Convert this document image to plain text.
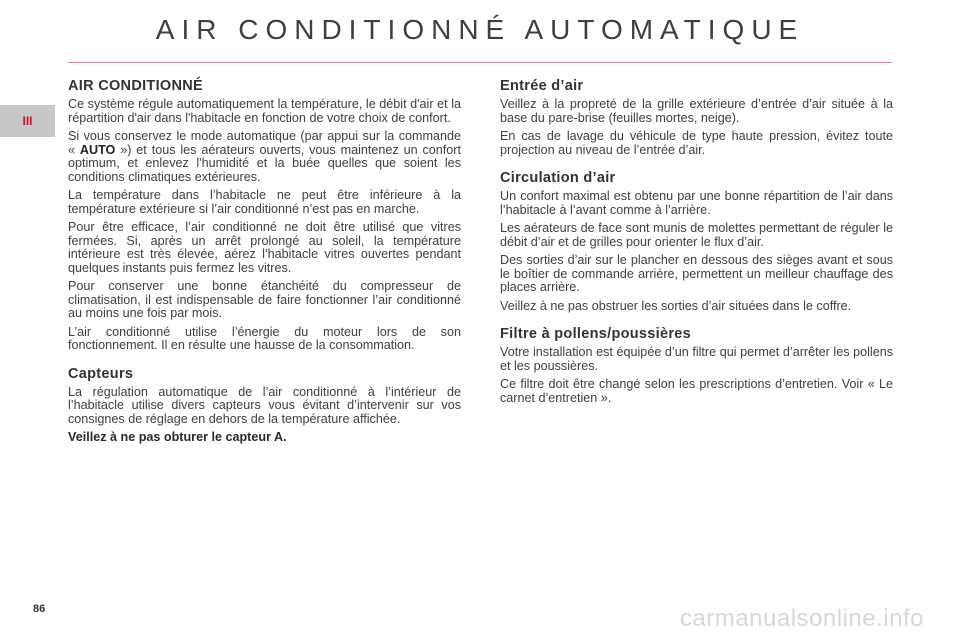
AIR CONDITIONNÉ AUTOMATIQUE
III
AIR CONDITIONNÉ

Ce système régule automatiquement la température, le débit d'air et la répartition d'air dans l'habitacle en fonction de votre choix de confort.

Si vous conservez le mode automatique (par appui sur la commande « AUTO ») et tous les aérateurs ouverts, vous maintenez un confort optimum, et enlevez l'humidité et la buée quelles que soient les conditions climatiques extérieures.

La température dans l’habitacle ne peut être inférieure à la température extérieure si l’air conditionné n’est pas en marche.

Pour être efficace, l’air conditionné ne doit être utilisé que vitres fermées. Si, après un arrêt prolongé au soleil, la température intérieure est très élevée, aérez l’habitacle vitres ouvertes pendant quelques instants puis fermez les vitres.

Pour conserver une bonne étanchéité du compresseur de climatisation, il est indispensable de faire fonctionner l’air conditionné au moins une fois par mois.

L’air conditionné utilise l’énergie du moteur lors de son fonctionnement. Il en résulte une hausse de la consommation.

Capteurs

La régulation automatique de l’air conditionné à l’intérieur de l’habitacle utilise divers capteurs vous évitant d’intervenir sur vos consignes de réglage en dehors de la température affichée.

Veillez à ne pas obturer le capteur A.

Entrée d’air

Veillez à la propreté de la grille extérieure d’entrée d’air située à la base du pare-brise (feuilles mortes, neige).

En cas de lavage du véhicule de type haute pression, évitez toute projection au niveau de l’entrée d’air.

Circulation d’air

Un confort maximal est obtenu par une bonne répartition de l’air dans l’habitacle à l’avant comme à l’arrière.

Les aérateurs de face sont munis de molettes permettant de réguler le débit d’air et de grilles pour orienter le flux d’air.

Des sorties d’air sur le plancher en dessous des sièges avant et sous le boîtier de commande arrière, permettent un meilleur chauffage des places arrière.

Veillez à ne pas obstruer les sorties d’air situées dans le coffre.

Filtre à pollens/poussières

Votre installation est équipée d’un filtre qui permet d’arrêter les pollens et les poussières.

Ce filtre doit être changé selon les prescriptions d’entretien. Voir « Le carnet d’entretien ».

86	carmanualsonline.info
